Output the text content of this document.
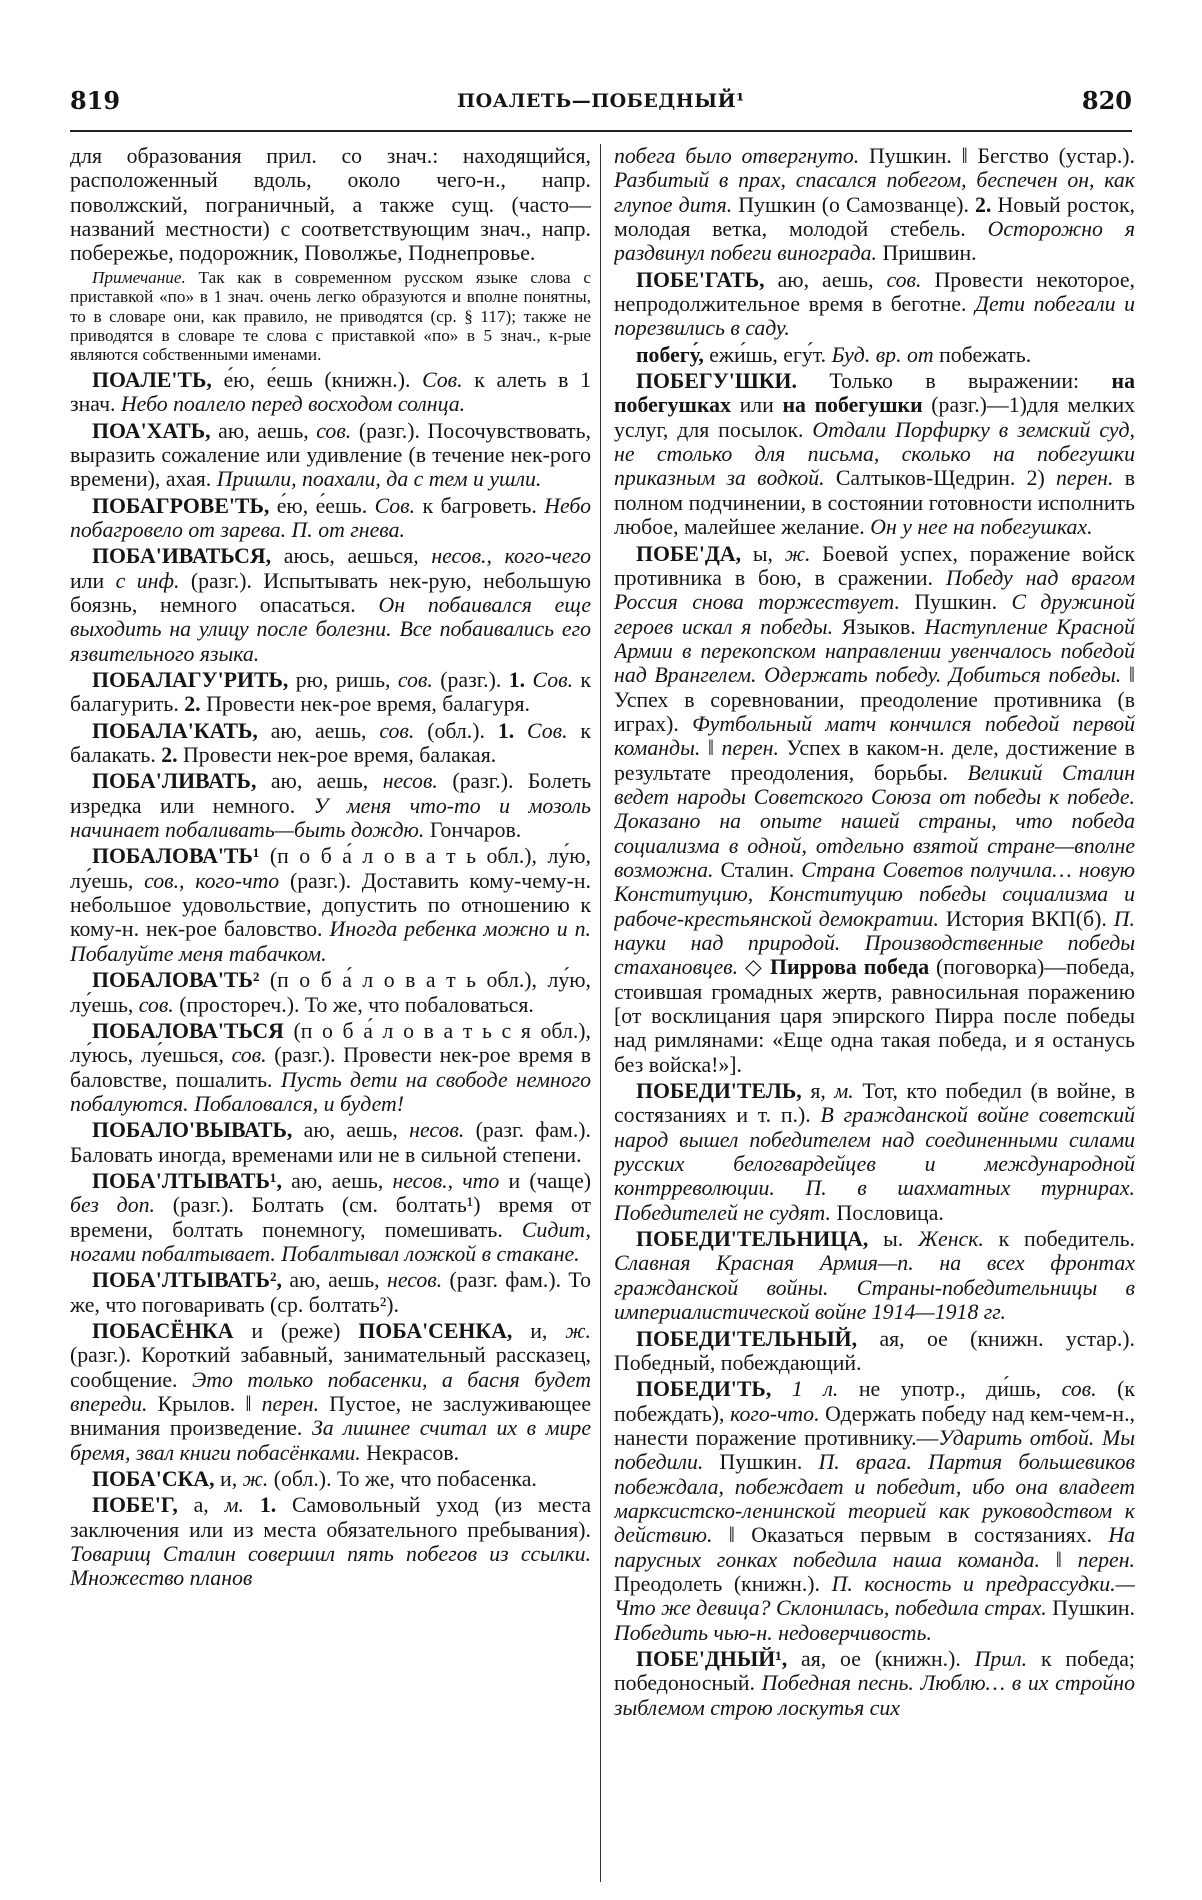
819	ПОАЛЕТЬ—ПОБЕДНЫЙ¹	820

для образования прил. со знач.: находящийся, расположенный вдоль, около чего-н., напр. поволжский, пограничный, а также сущ. (часто—названий местности) с соответствующим знач., напр. побережье, подорожник, Поволжье, Поднепровье.

Примечание. Так как в современном русском языке слова с приставкой «по» в 1 знач. очень легко образуются и вполне понятны, то в словаре они, как правило, не приводятся (ср. § 117); также не приводятся в словаре те слова с приставкой «по» в 5 знач., к-рые являются собственными именами.

ПОАЛЕ'ТЬ, е́ю, е́ешь (книжн.). Сов. к алеть в 1 знач. Небо поалело перед восходом солнца.

ПОА'ХАТЬ, аю, аешь, сов. (разг.). Посочувствовать, выразить сожаление или удивление (в течение нек-рого времени), ахая. Пришли, поахали, да с тем и ушли.

ПОБАГРОВЕ'ТЬ, е́ю, е́ешь. Сов. к багроветь. Небо побагровело от зарева. П. от гнева.

ПОБА'ИВАТЬСЯ, аюсь, аешься, несов., кого-чего или с инф. (разг.). Испытывать нек-рую, небольшую боязнь, немного опасаться. Он побаивался еще выходить на улицу после болезни. Все побаивались его язвительного языка.

ПОБАЛАГУ'РИТЬ, рю, ришь, сов. (разг.). 1. Сов. к балагурить. 2. Провести нек-рое время, балагуря.

ПОБАЛА'КАТЬ, аю, аешь, сов. (обл.). 1. Сов. к балакать. 2. Провести нек-рое время, балакая.

ПОБА'ЛИВАТЬ, аю, аешь, несов. (разг.). Болеть изредка или немного. У меня что-то и мозоль начинает побаливать—быть дождю. Гончаров.

ПОБАЛОВА'ТЬ¹ (п о б а́ л о в а т ь обл.), лу́ю, лу́ешь, сов., кого-что (разг.). Доставить кому-чему-н. небольшое удовольствие, допустить по отношению к кому-н. нек-рое баловство. Иногда ребенка можно и п. Побалуйте меня табачком.

ПОБАЛОВА'ТЬ² (п о б а́ л о в а т ь обл.), лу́ю, лу́ешь, сов. (простореч.). То же, что побаловаться.

ПОБАЛОВА'ТЬСЯ (п о б а́ л о в а т ь с я обл.), лу́юсь, лу́ешься, сов. (разг.). Провести нек-рое время в баловстве, пошалить. Пусть дети на свободе немного побалуются. Побаловался, и будет!

ПОБАЛО'ВЫВАТЬ, аю, аешь, несов. (разг. фам.). Баловать иногда, временами или не в сильной степени.

ПОБА'ЛТЫВАТЬ¹, аю, аешь, несов., что и (чаще) без доп. (разг.). Болтать (см. болтать¹) время от времени, болтать понемногу, помешивать. Сидит, ногами побалтывает. Побалтывал ложкой в стакане.

ПОБА'ЛТЫВАТЬ², аю, аешь, несов. (разг. фам.). То же, что поговаривать (ср. болтать²).

ПОБАСЁНКА и (реже) ПОБА'СЕНКА, и, ж. (разг.). Короткий забавный, занимательный рассказец, сообщение. Это только побасенки, а басня будет впереди. Крылов. ‖ перен. Пустое, не заслуживающее внимания произведение. За лишнее считал их в мире бремя, звал книги побасёнками. Некрасов.

ПОБА'СКА, и, ж. (обл.). То же, что побасенка.

ПОБЕ'Г, а, м. 1. Самовольный уход (из места заключения или из места обязательного пребывания). Товарищ Сталин совершил пять побегов из ссылки. Множество планов

побега было отвергнуто. Пушкин. ‖ Бегство (устар.). Разбитый в прах, спасался побегом, беспечен он, как глупое дитя. Пушкин (о Самозванце). 2. Новый росток, молодая ветка, молодой стебель. Осторожно я раздвинул побеги винограда. Пришвин.

ПОБЕ'ГАТЬ, аю, аешь, сов. Провести некоторое, непродолжительное время в беготне. Дети побегали и порезвились в саду.

побегу́, ежи́шь, егу́т. Буд. вр. от побежать.

ПОБЕГУ'ШКИ. Только в выражении: на побегушках или на побегушки (разг.)—1)для мелких услуг, для посылок. Отдали Порфирку в земский суд, не столько для письма, сколько на побегушки приказным за водкой. Салтыков-Щедрин. 2) перен. в полном подчинении, в состоянии готовности исполнить любое, малейшее желание. Он у нее на побегушках.

ПОБЕ'ДА, ы, ж. Боевой успех, поражение войск противника в бою, в сражении. Победу над врагом Россия снова торжествует. Пушкин. С дружиной героев искал я победы. Языков. Наступление Красной Армии в перекопском направлении увенчалось победой над Врангелем. Одержать победу. Добиться победы. ‖ Успех в соревновании, преодоление противника (в играх). Футбольный матч кончился победой первой команды. ‖ перен. Успех в каком-н. деле, достижение в результате преодоления, борьбы. Великий Сталин ведет народы Советского Союза от победы к победе. Доказано на опыте нашей страны, что победа социализма в одной, отдельно взятой стране—вполне возможна. Сталин. Страна Советов получила… новую Конституцию, Конституцию победы социализма и рабоче-крестьянской демократии. История ВКП(б). П. науки над природой. Производственные победы стахановцев. ◇ Пиррова победа (поговорка)—победа, стоившая громадных жертв, равносильная поражению [от восклицания царя эпирского Пирра после победы над римлянами: «Еще одна такая победа, и я останусь без войска!»].

ПОБЕДИ'ТЕЛЬ, я, м. Тот, кто победил (в войне, в состязаниях и т. п.). В гражданской войне советский народ вышел победителем над соединенными силами русских белогвардейцев и международной контрреволюции. П. в шахматных турнирах. Победителей не судят. Пословица.

ПОБЕДИ'ТЕЛЬНИЦА, ы. Женск. к победитель. Славная Красная Армия—п. на всех фронтах гражданской войны. Страны-победительницы в империалистической войне 1914—1918 гг.

ПОБЕДИ'ТЕЛЬНЫЙ, ая, ое (книжн. устар.). Победный, побеждающий.

ПОБЕДИ'ТЬ, 1 л. не употр., ди́шь, сов. (к побеждать), кого-что. Одержать победу над кем-чем-н., нанести поражение противнику.—Ударить отбой. Мы победили. Пушкин. П. врага. Партия большевиков побеждала, побеждает и победит, ибо она владеет марксистско-ленинской теорией как руководством к действию. ‖ Оказаться первым в состязаниях. На парусных гонках победила наша команда. ‖ перен. Преодолеть (книжн.). П. косность и предрассудки.—Что же девица? Склонилась, победила страх. Пушкин. Победить чью-н. недоверчивость.

ПОБЕ'ДНЫЙ¹, ая, ое (книжн.). Прил. к победа; победоносный. Победная песнь. Люблю… в их стройно зыблемом строю лоскутья сих
